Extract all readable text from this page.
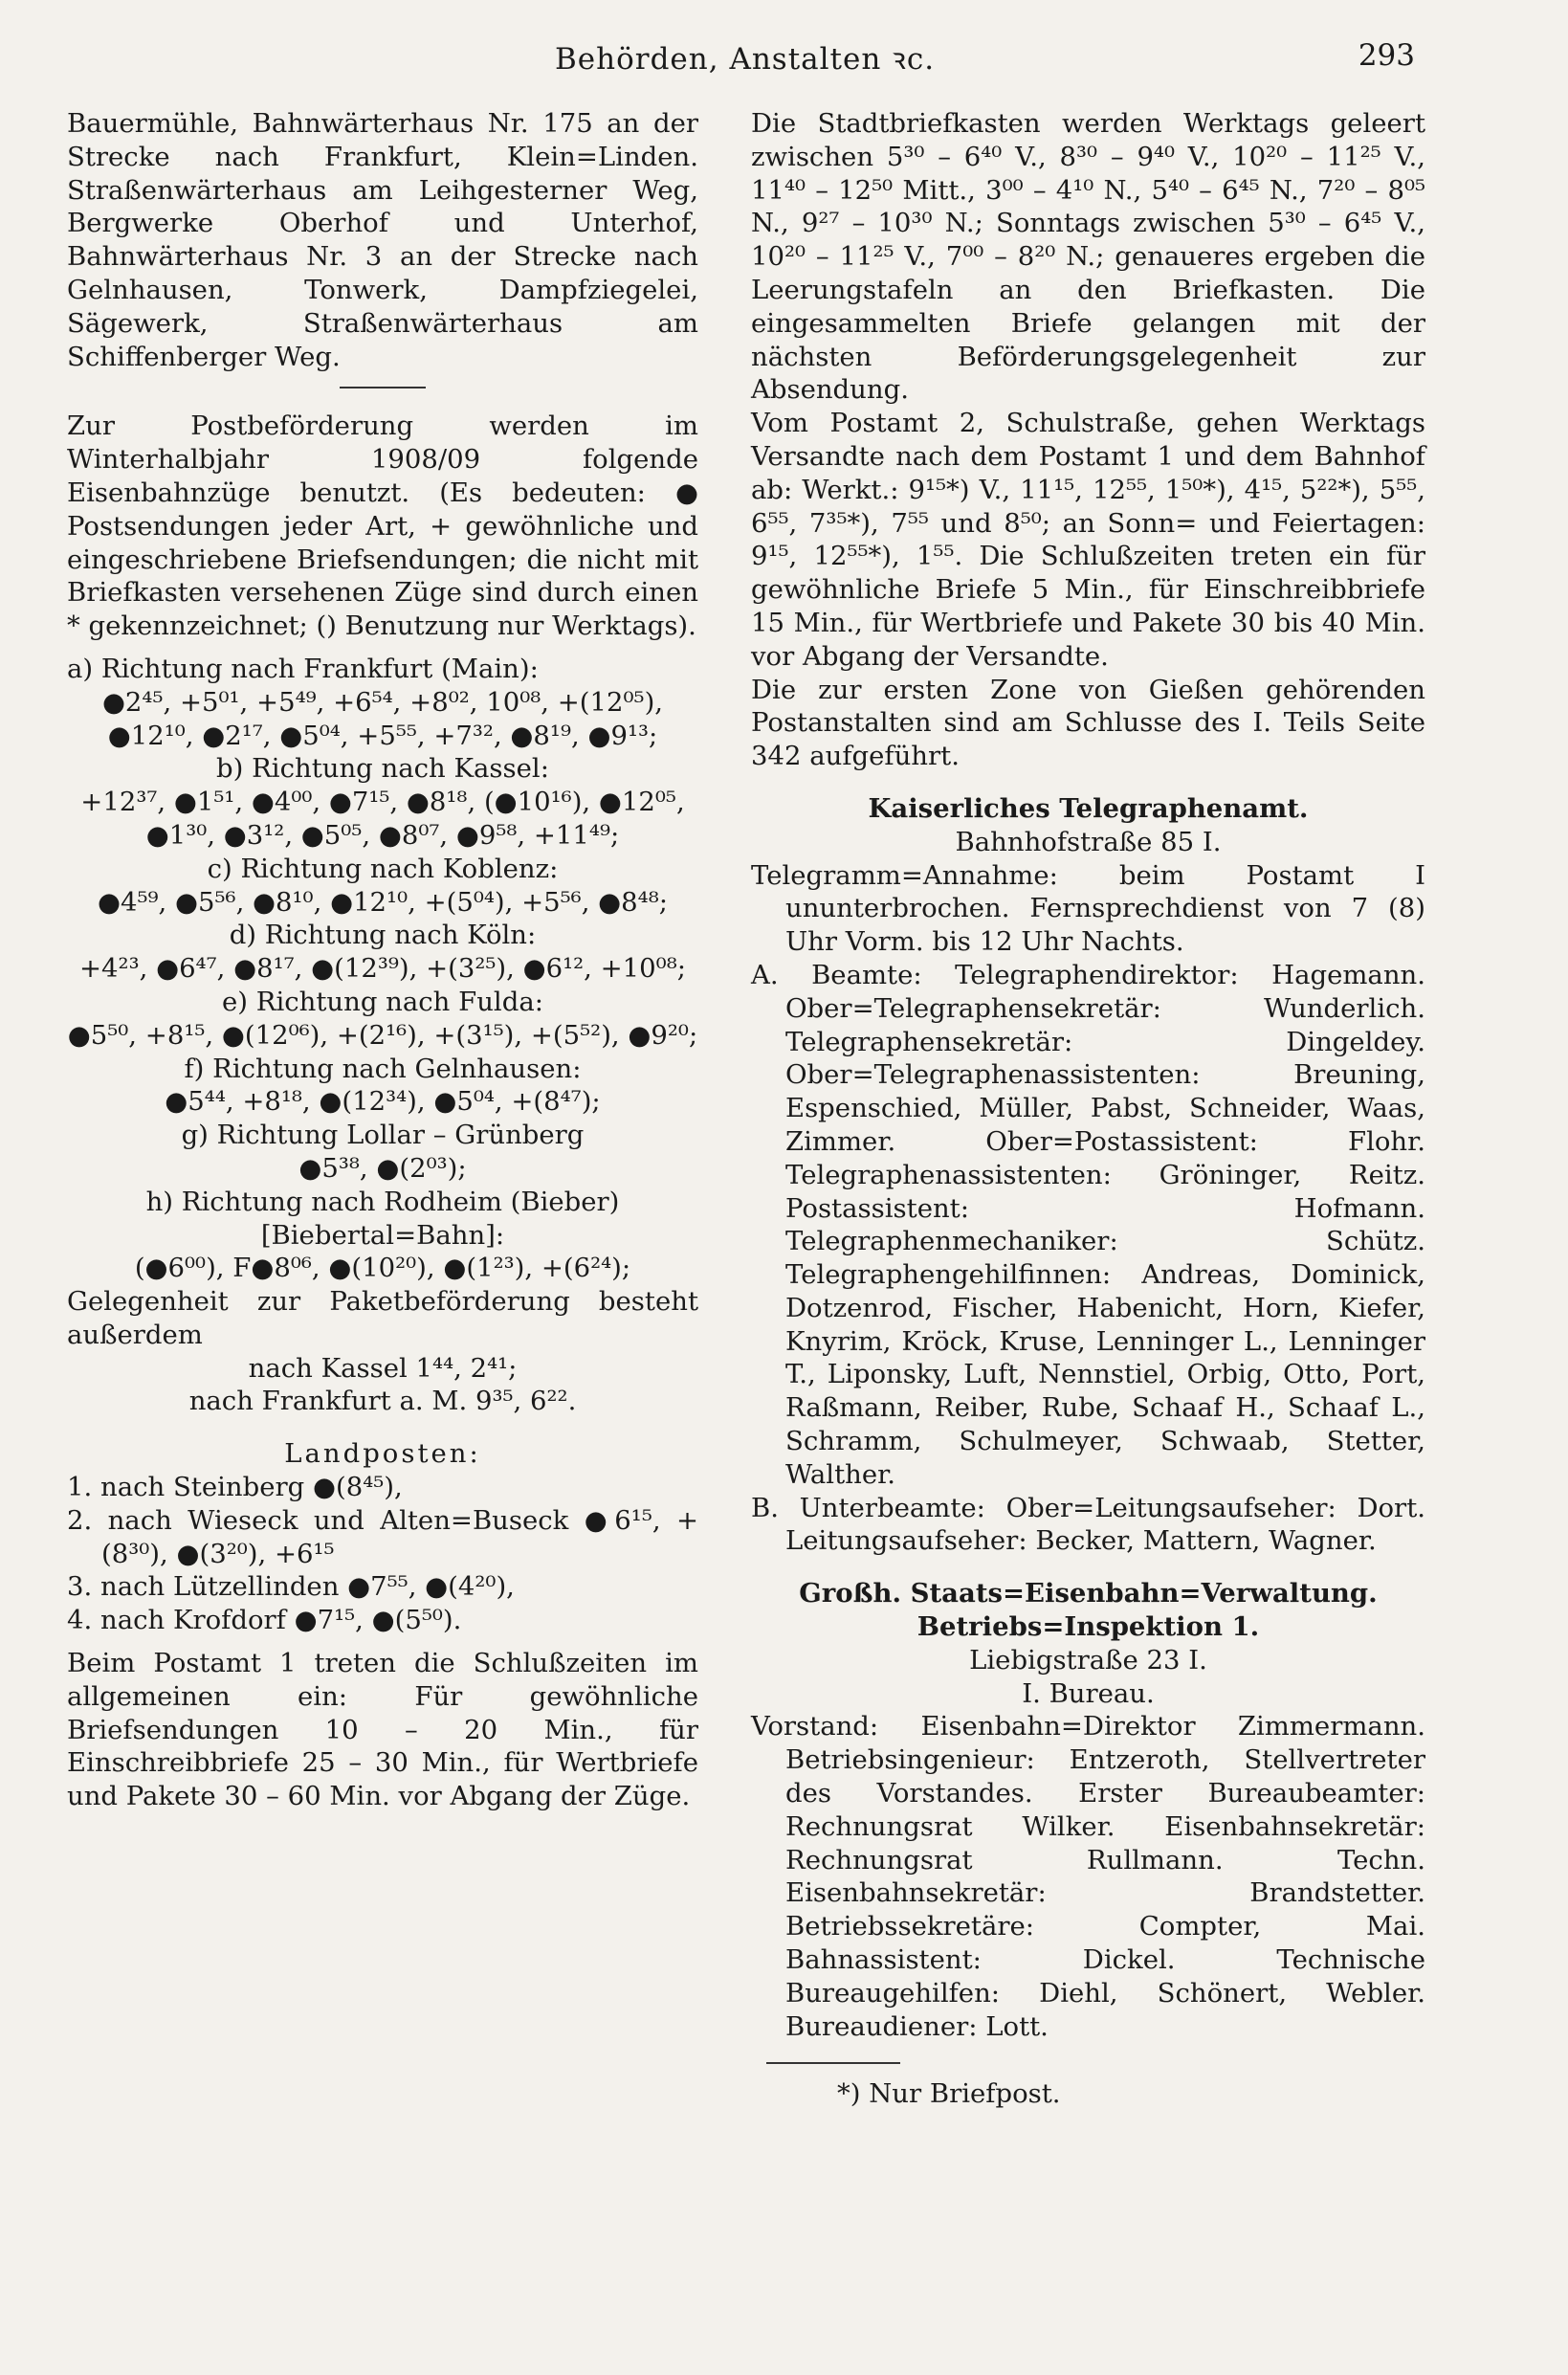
Behörden, Anstalten ꝛc.	293

Bauermühle, Bahnwärterhaus Nr. 175 an der Strecke nach Frankfurt, Klein=Linden. Straßenwärterhaus am Leihgesterner Weg, Bergwerke Oberhof und Unterhof, Bahnwärterhaus Nr. 3 an der Strecke nach Gelnhausen, Tonwerk, Dampfziegelei, Sägewerk, Straßenwärterhaus am Schiffenberger Weg.

Zur Postbeförderung werden im Winterhalbjahr 1908/09 folgende Eisenbahnzüge benutzt. (Es bedeuten: ● Postsendungen jeder Art, + gewöhnliche und eingeschriebene Briefsendungen; die nicht mit Briefkasten versehenen Züge sind durch einen * gekennzeichnet; () Benutzung nur Werktags).

a) Richtung nach Frankfurt (Main):

●2⁴⁵, +5⁰¹, +5⁴⁹, +6⁵⁴, +8⁰², 10⁰⁸, +(12⁰⁵), ●12¹⁰, ●2¹⁷, ●5⁰⁴, +5⁵⁵, +7³², ●8¹⁹, ●9¹³;

b) Richtung nach Kassel:

+12³⁷, ●1⁵¹, ●4⁰⁰, ●7¹⁵, ●8¹⁸, (●10¹⁶), ●12⁰⁵, ●1³⁰, ●3¹², ●5⁰⁵, ●8⁰⁷, ●9⁵⁸, +11⁴⁹;

c) Richtung nach Koblenz:

●4⁵⁹, ●5⁵⁶, ●8¹⁰, ●12¹⁰, +(5⁰⁴), +5⁵⁶, ●8⁴⁸;

d) Richtung nach Köln:

+4²³, ●6⁴⁷, ●8¹⁷, ●(12³⁹), +(3²⁵), ●6¹², +10⁰⁸;

e) Richtung nach Fulda:

●5⁵⁰, +8¹⁵, ●(12⁰⁶), +(2¹⁶), +(3¹⁵), +(5⁵²), ●9²⁰;

f) Richtung nach Gelnhausen:

●5⁴⁴, +8¹⁸, ●(12³⁴), ●5⁰⁴, +(8⁴⁷);

g) Richtung Lollar – Grünberg

●5³⁸, ●(2⁰³);

h) Richtung nach Rodheim (Bieber) [Biebertal=Bahn]:

(●6⁰⁰), F●8⁰⁶, ●(10²⁰), ●(1²³), +(6²⁴);

Gelegenheit zur Paketbeförderung besteht außerdem

nach Kassel 1⁴⁴, 2⁴¹;

nach Frankfurt a. M. 9³⁵, 6²².

Landposten:

1. nach Steinberg ●(8⁴⁵),

2. nach Wieseck und Alten=Buseck ●6¹⁵, +(8³⁰), ●(3²⁰), +6¹⁵

3. nach Lützellinden ●7⁵⁵, ●(4²⁰),

4. nach Krofdorf ●7¹⁵, ●(5⁵⁰).

Beim Postamt 1 treten die Schlußzeiten im allgemeinen ein: Für gewöhnliche Briefsendungen 10 – 20 Min., für Einschreibbriefe 25 – 30 Min., für Wertbriefe und Pakete 30 – 60 Min. vor Abgang der Züge.

Die Stadtbriefkasten werden Werktags geleert zwischen 5³⁰ – 6⁴⁰ V., 8³⁰ – 9⁴⁰ V., 10²⁰ – 11²⁵ V., 11⁴⁰ – 12⁵⁰ Mitt., 3⁰⁰ – 4¹⁰ N., 5⁴⁰ – 6⁴⁵ N., 7²⁰ – 8⁰⁵ N., 9²⁷ – 10³⁰ N.; Sonntags zwischen 5³⁰ – 6⁴⁵ V., 10²⁰ – 11²⁵ V., 7⁰⁰ – 8²⁰ N.; genaueres ergeben die Leerungstafeln an den Briefkasten. Die eingesammelten Briefe gelangen mit der nächsten Beförderungsgelegenheit zur Absendung.

Vom Postamt 2, Schulstraße, gehen Werktags Versandte nach dem Postamt 1 und dem Bahnhof ab: Werkt.: 9¹⁵*) V., 11¹⁵, 12⁵⁵, 1⁵⁰*), 4¹⁵, 5²²*), 5⁵⁵, 6⁵⁵, 7³⁵*), 7⁵⁵ und 8⁵⁰; an Sonn= und Feiertagen: 9¹⁵, 12⁵⁵*), 1⁵⁵. Die Schlußzeiten treten ein für gewöhnliche Briefe 5 Min., für Einschreibbriefe 15 Min., für Wertbriefe und Pakete 30 bis 40 Min. vor Abgang der Versandte.

Die zur ersten Zone von Gießen gehörenden Postanstalten sind am Schlusse des I. Teils Seite 342 aufgeführt.

Kaiserliches Telegraphenamt.

Bahnhofstraße 85 I.

Telegramm=Annahme: beim Postamt I ununterbrochen. Fernsprechdienst von 7 (8) Uhr Vorm. bis 12 Uhr Nachts.

A. Beamte: Telegraphendirektor: Hagemann. Ober=Telegraphensekretär: Wunderlich. Telegraphensekretär: Dingeldey. Ober=Telegraphenassistenten: Breuning, Espenschied, Müller, Pabst, Schneider, Waas, Zimmer. Ober=Postassistent: Flohr. Telegraphenassistenten: Gröninger, Reitz. Postassistent: Hofmann. Telegraphenmechaniker: Schütz. Telegraphengehilfinnen: Andreas, Dominick, Dotzenrod, Fischer, Habenicht, Horn, Kiefer, Knyrim, Kröck, Kruse, Lenninger L., Lenninger T., Liponsky, Luft, Nennstiel, Orbig, Otto, Port, Raßmann, Reiber, Rube, Schaaf H., Schaaf L., Schramm, Schulmeyer, Schwaab, Stetter, Walther.

B. Unterbeamte: Ober=Leitungsaufseher: Dort. Leitungsaufseher: Becker, Mattern, Wagner.

Großh. Staats=Eisenbahn=Verwaltung.

Betriebs=Inspektion 1.

Liebigstraße 23 I.

I. Bureau.

Vorstand: Eisenbahn=Direktor Zimmermann. Betriebsingenieur: Entzeroth, Stellvertreter des Vorstandes. Erster Bureaubeamter: Rechnungsrat Wilker. Eisenbahnsekretär: Rechnungsrat Rullmann. Techn. Eisenbahnsekretär: Brandstetter. Betriebssekretäre: Compter, Mai. Bahnassistent: Dickel. Technische Bureaugehilfen: Diehl, Schönert, Webler. Bureaudiener: Lott.

*) Nur Briefpost.
